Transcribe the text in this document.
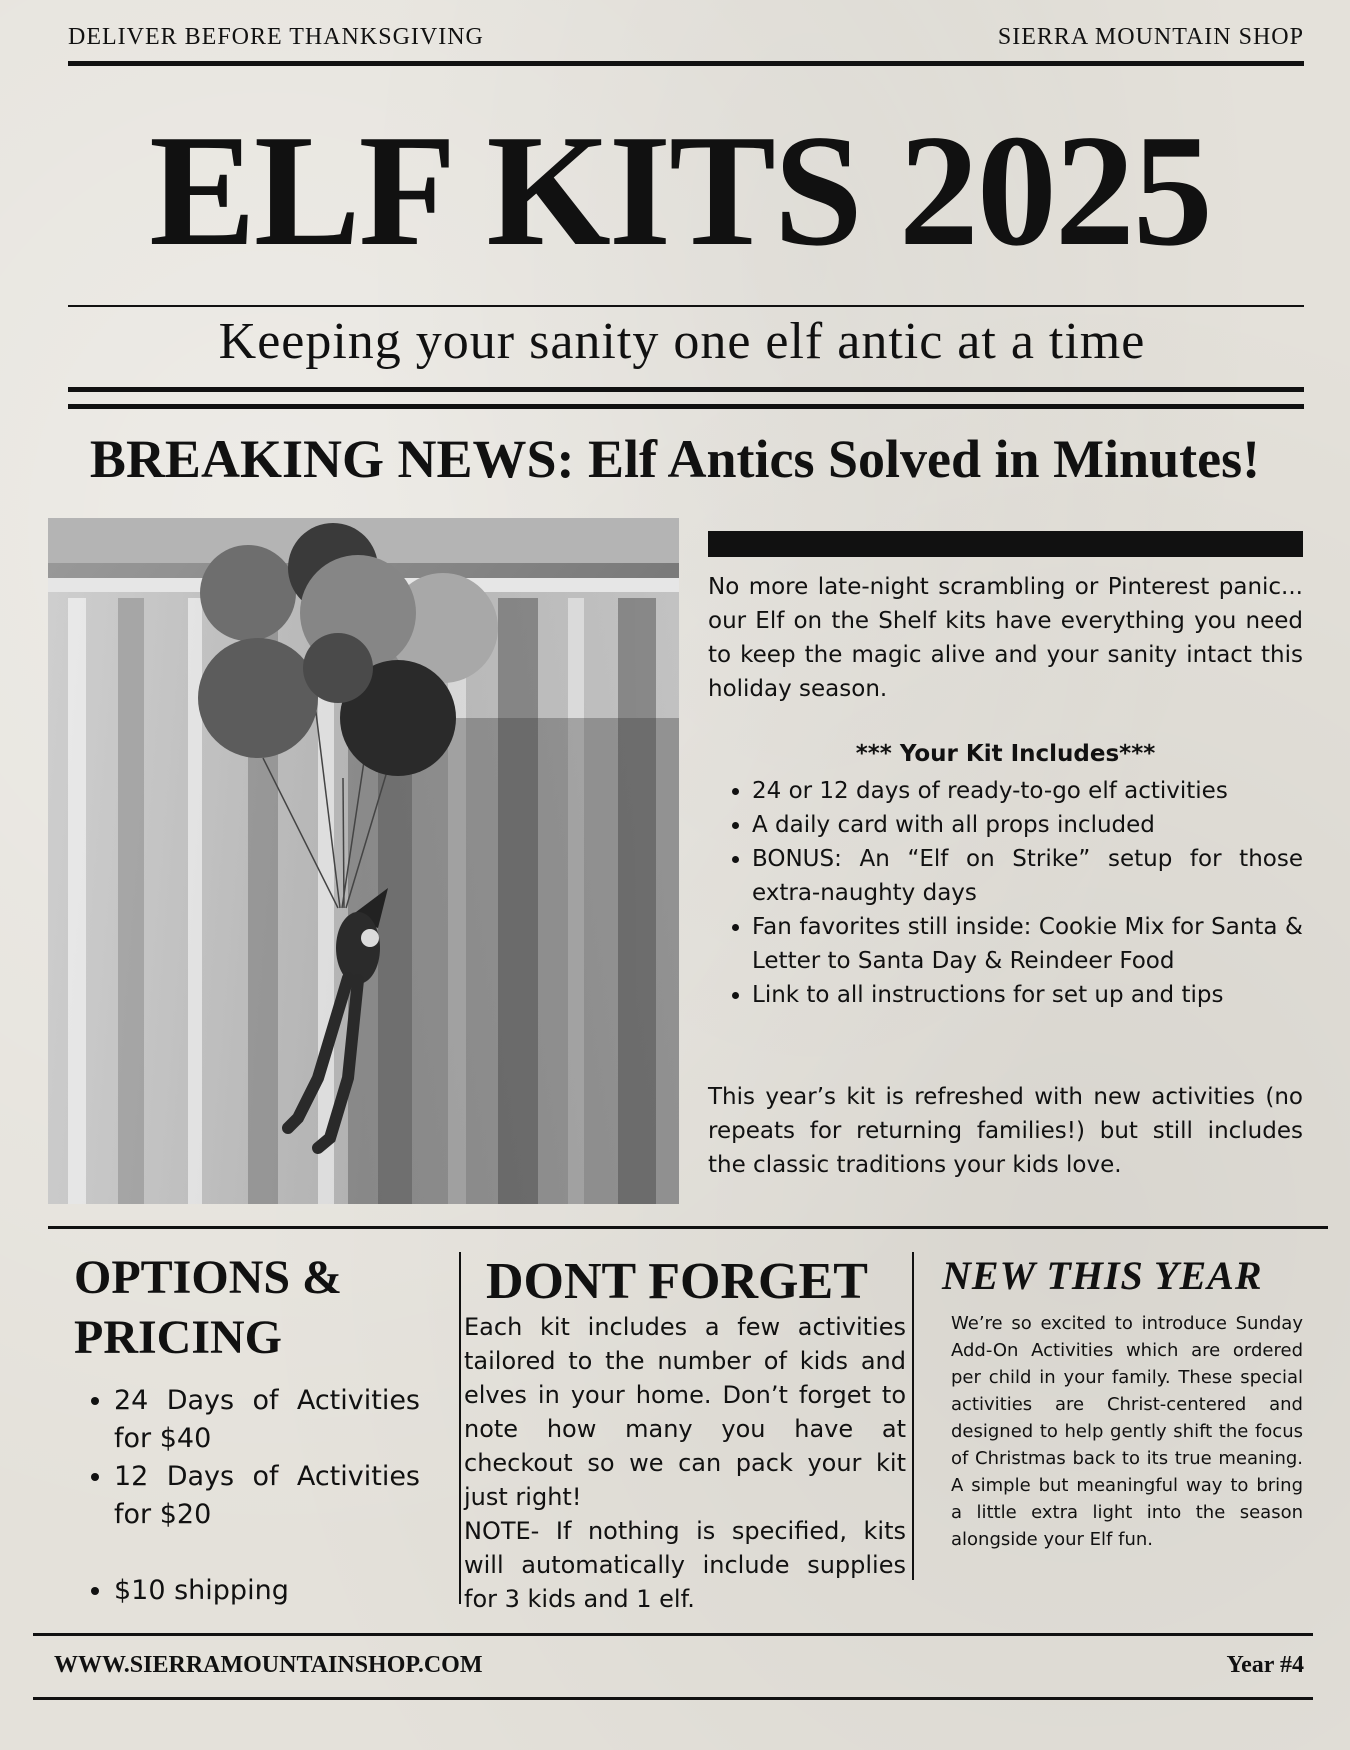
DELIVER BEFORE THANKSGIVING	SIERRA MOUNTAIN SHOP
ELF KITS 2025
Keeping your sanity one elf antic at a time
BREAKING NEWS: Elf Antics Solved in Minutes!

No more late-night scrambling or Pinterest panic... our Elf on the Shelf kits have everything you need to keep the magic alive and your sanity intact this holiday season.

*** Your Kit Includes***
• 24 or 12 days of ready-to-go elf activities
• A daily card with all props included
• BONUS: An “Elf on Strike” setup for those extra-naughty days
• Fan favorites still inside: Cookie Mix for Santa & Letter to Santa Day & Reindeer Food
• Link to all instructions for set up and tips

This year’s kit is refreshed with new activities (no repeats for returning families!) but still includes the classic traditions your kids love.

OPTIONS &
PRICING
• 24 Days of Activities for $40
• 12 Days of Activities for $20
• $10 shipping
DONT FORGET

Each kit includes a few activities tailored to the number of kids and elves in your home. Don’t forget to note how many you have at checkout so we can pack your kit just right!

NOTE- If nothing is specified, kits will automatically include supplies for 3 kids and 1 elf.

NEW THIS YEAR

We’re so excited to introduce Sunday Add-On Activities which are ordered per child in your family. These special activities are Christ-centered and designed to help gently shift the focus of Christmas back to its true meaning. A simple but meaningful way to bring a little extra light into the season alongside your Elf fun.

WWW.SIERRAMOUNTAINSHOP.COM	Year #4
